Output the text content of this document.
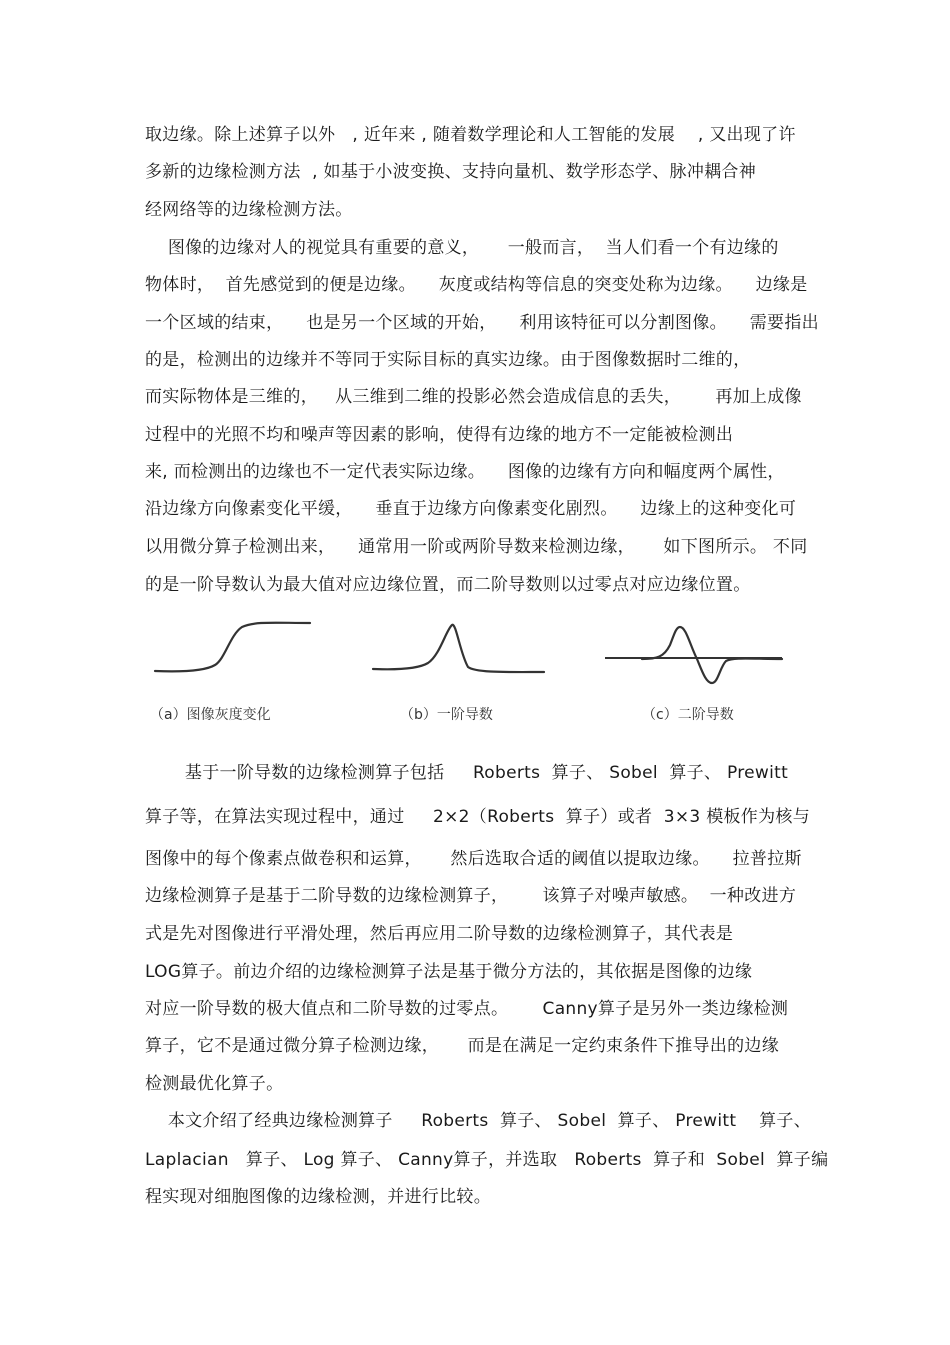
取边缘。除上述算子以外   , 近年来 , 随着数学理论和人工智能的发展    , 又出现了许
多新的边缘检测方法  , 如基于小波变换、支持向量机、数学形态学、脉冲耦合神
经网络等的边缘检测方法。
图像的边缘对人的视觉具有重要的意义，     一般而言，  当人们看一个有边缘的
物体时，  首先感觉到的便是边缘。    灰度或结构等信息的突变处称为边缘。    边缘是
一个区域的结束，    也是另一个区域的开始，    利用该特征可以分割图像。    需要指出
的是，检测出的边缘并不等同于实际目标的真实边缘。由于图像数据时二维的，
而实际物体是三维的，   从三维到二维的投影必然会造成信息的丢失，      再加上成像
过程中的光照不均和噪声等因素的影响，使得有边缘的地方不一定能被检测出
来, 而检测出的边缘也不一定代表实际边缘。    图像的边缘有方向和幅度两个属性，
沿边缘方向像素变化平缓，    垂直于边缘方向像素变化剧烈。    边缘上的这种变化可
以用微分算子检测出来，    通常用一阶或两阶导数来检测边缘，     如下图所示。 不同
的是一阶导数认为最大值对应边缘位置，而二阶导数则以过零点对应边缘位置。
（a）图像灰度变化	（b）一阶导数	（c）二阶导数
基于一阶导数的边缘检测算子包括     Roberts  算子、 Sobel  算子、 Prewitt
算子等，在算法实现过程中，通过     2×2（Roberts  算子）或者  3×3 模板作为核与
图像中的每个像素点做卷积和运算，     然后选取合适的阈值以提取边缘。    拉普拉斯
边缘检测算子是基于二阶导数的边缘检测算子，      该算子对噪声敏感。  一种改进方
式是先对图像进行平滑处理，然后再应用二阶导数的边缘检测算子，其代表是
LOG算子。前边介绍的边缘检测算子法是基于微分方法的，其依据是图像的边缘
对应一阶导数的极大值点和二阶导数的过零点。      Canny算子是另外一类边缘检测
算子，它不是通过微分算子检测边缘，     而是在满足一定约束条件下推导出的边缘
检测最优化算子。
本文介绍了经典边缘检测算子     Roberts  算子、 Sobel  算子、 Prewitt    算子、
Laplacian   算子、 Log 算子、 Canny算子，并选取   Roberts  算子和  Sobel  算子编
程实现对细胞图像的边缘检测，并进行比较。
